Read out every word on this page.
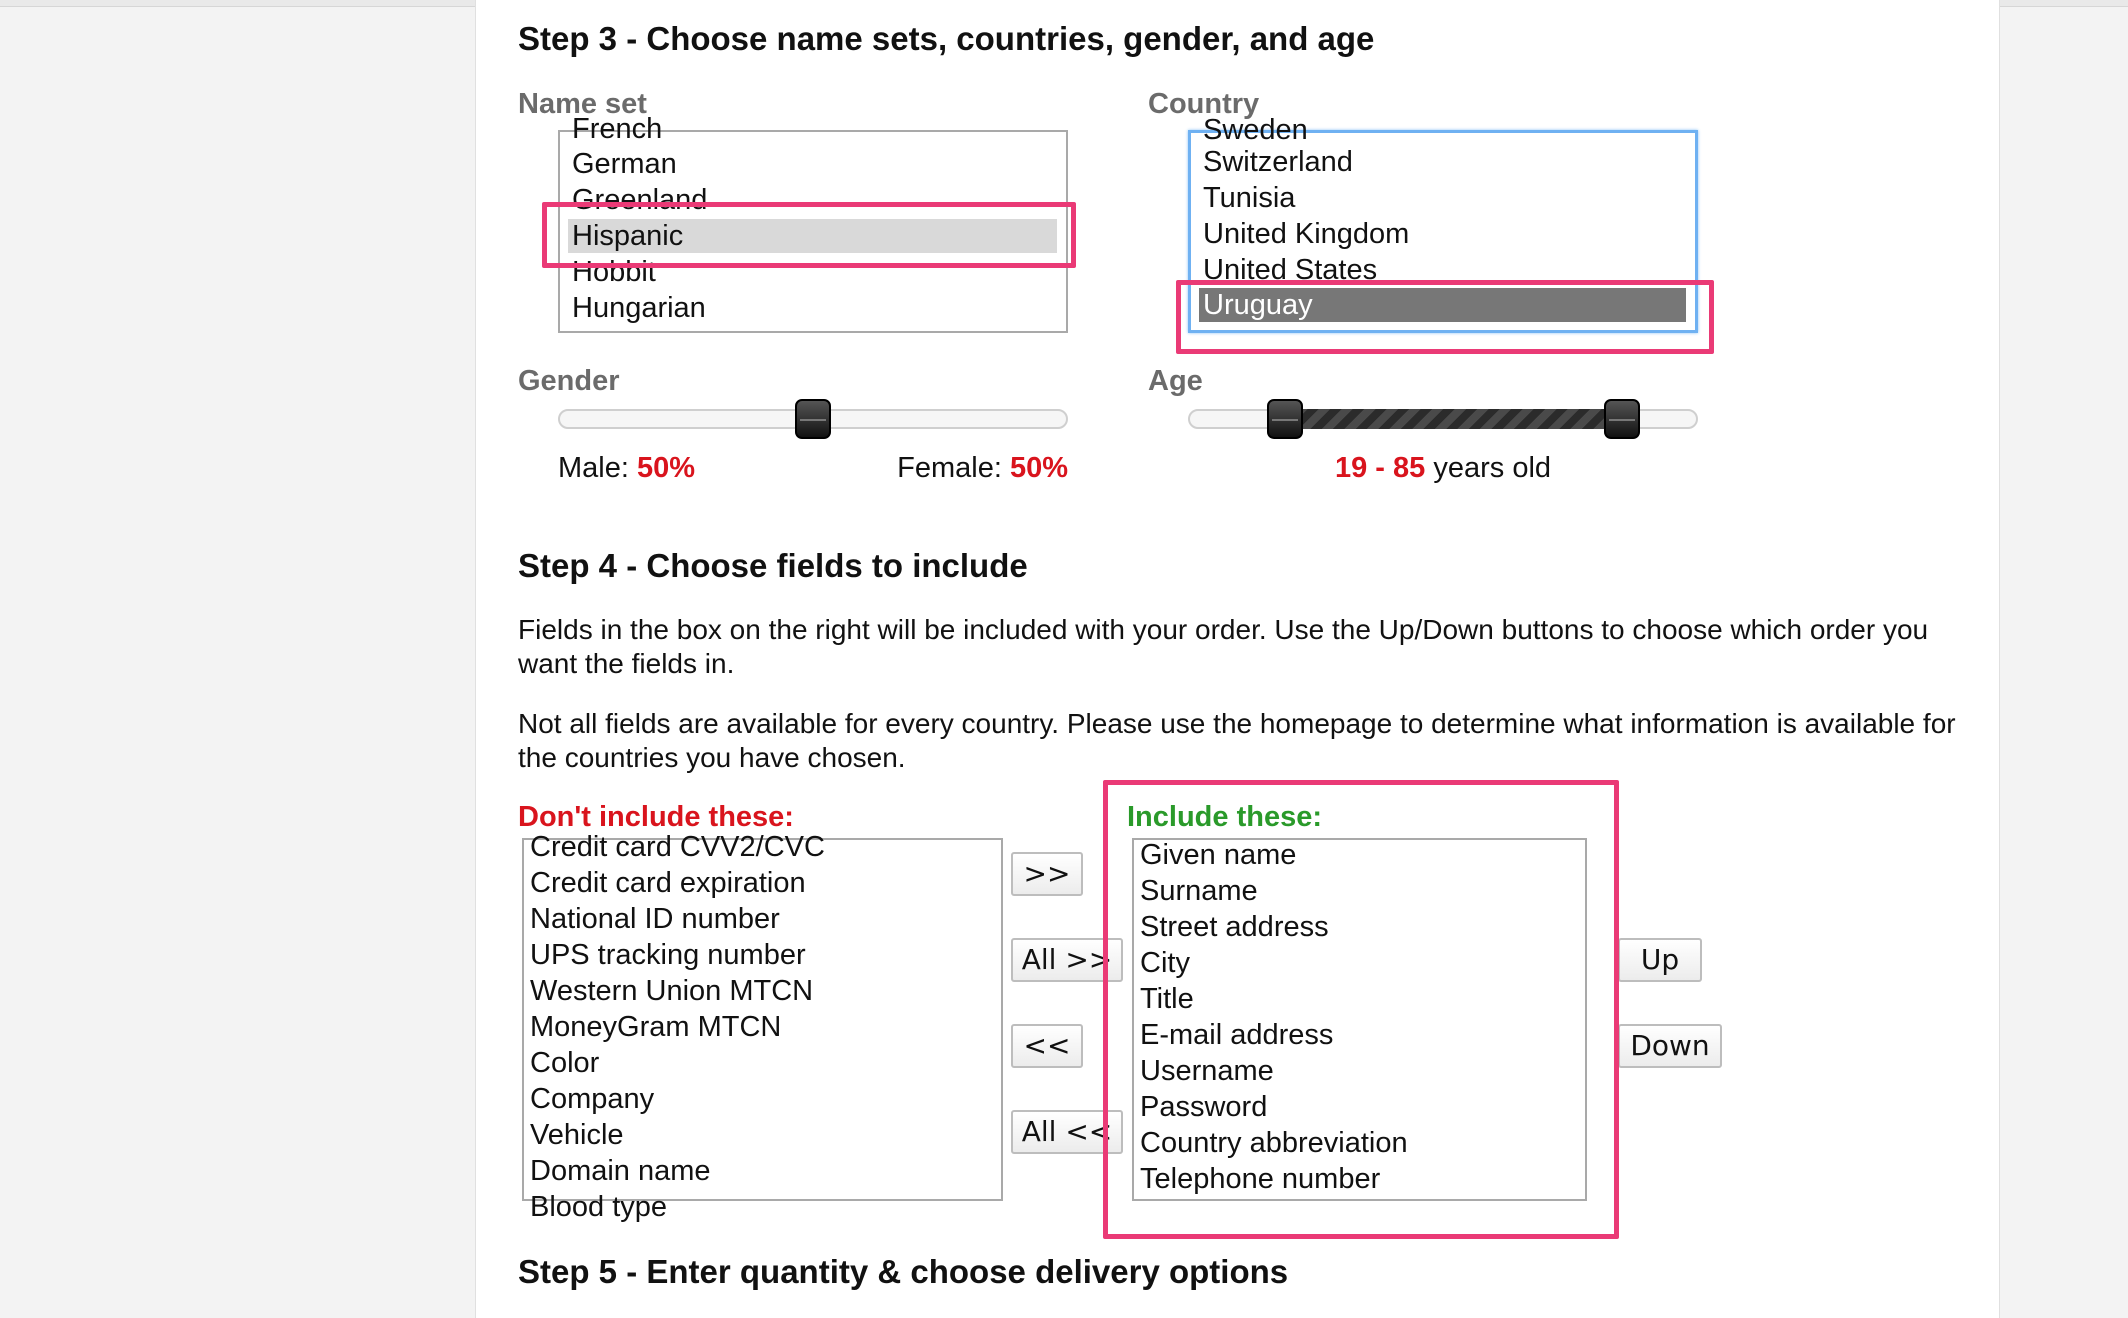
Step 3 - Choose name sets, countries, gender, and age
Name set	Country
French
German
Greenland
Hispanic
Hobbit
Hungarian
Sweden
Switzerland
Tunisia
United Kingdom
United States
Uruguay
Gender
Male: 50%	Female: 50%
Age
19 - 85 years old
Step 4 - Choose fields to include
Fields in the box on the right will be included with your order. Use the Up/Down buttons to choose which order you want the fields in.
Not all fields are available for every country. Please use the homepage to determine what information is available for the countries you have chosen.
Don't include these:	Include these:
Credit card CVV2/CVC
Credit card expiration
National ID number
UPS tracking number
Western Union MTCN
MoneyGram MTCN
Color
Company
Vehicle
Domain name
Blood type
>>
All >>
<<
All <<
Given name
Surname
Street address
City
Title
E-mail address
Username
Password
Country abbreviation
Telephone number
Up
Down
Step 5 - Enter quantity & choose delivery options
